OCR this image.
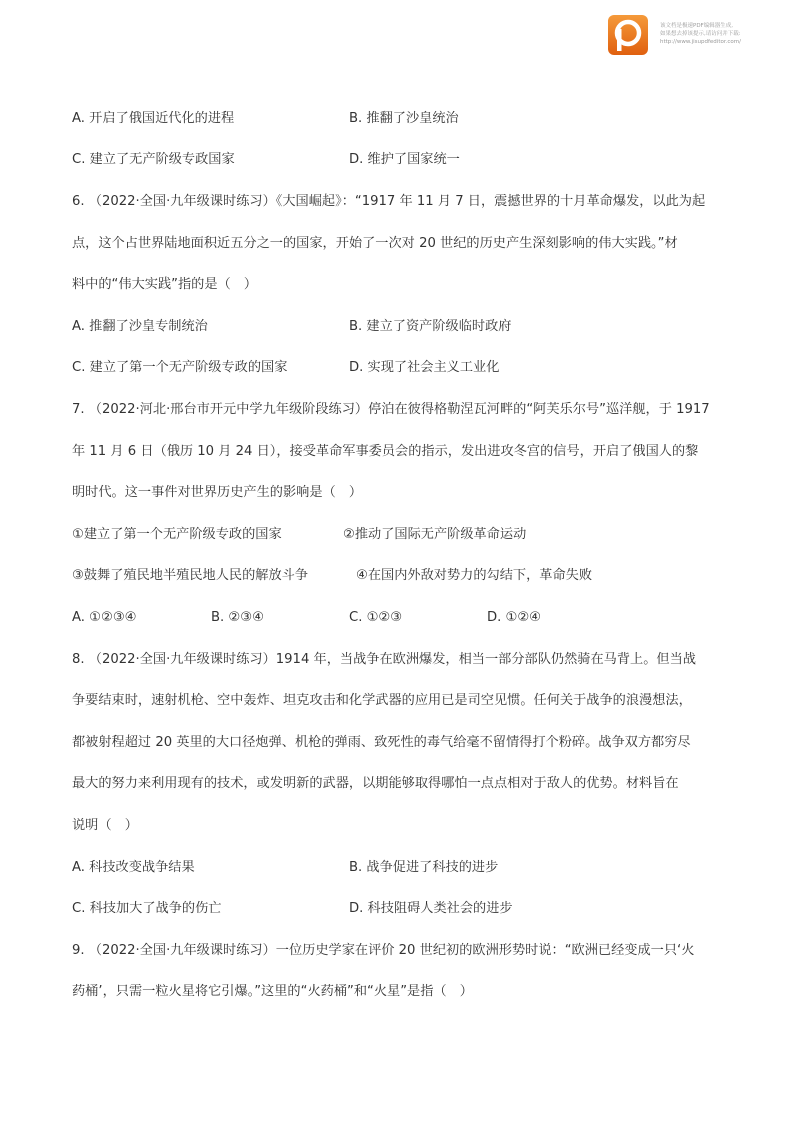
该文档是极速PDF编辑器生成,
如果想去掉该提示,请访问并下载:
http://www.jisupdfeditor.com/
A. 开启了俄国近代化的进程	B. 推翻了沙皇统治
C. 建立了无产阶级专政国家	D. 维护了国家统一
6. （2022·全国·九年级课时练习）《大国崛起》：“1917 年 11 月 7 日，震撼世界的十月革命爆发，以此为起
点，这个占世界陆地面积近五分之一的国家，开始了一次对 20 世纪的历史产生深刻影响的伟大实践。”材
料中的“伟大实践”指的是（　）
A. 推翻了沙皇专制统治	B. 建立了资产阶级临时政府
C. 建立了第一个无产阶级专政的国家	D. 实现了社会主义工业化
7. （2022·河北·邢台市开元中学九年级阶段练习）停泊在彼得格勒涅瓦河畔的“阿芙乐尔号”巡洋舰，于 1917
年 11 月 6 日（俄历 10 月 24 日），接受革命军事委员会的指示，发出进攻冬宫的信号，开启了俄国人的黎
明时代。这一事件对世界历史产生的影响是（　）
①建立了第一个无产阶级专政的国家	②推动了国际无产阶级革命运动
③鼓舞了殖民地半殖民地人民的解放斗争	④在国内外敌对势力的勾结下，革命失败
A. ①②③④	B. ②③④	C. ①②③	D. ①②④
8. （2022·全国·九年级课时练习）1914 年，当战争在欧洲爆发，相当一部分部队仍然骑在马背上。但当战
争要结束时，速射机枪、空中轰炸、坦克攻击和化学武器的应用已是司空见惯。任何关于战争的浪漫想法，
都被射程超过 20 英里的大口径炮弹、机枪的弹雨、致死性的毒气给毫不留情得打个粉碎。战争双方都穷尽
最大的努力来利用现有的技术，或发明新的武器，以期能够取得哪怕一点点相对于敌人的优势。材料旨在
说明（　）
A. 科技改变战争结果	B. 战争促进了科技的进步
C. 科技加大了战争的伤亡	D. 科技阻碍人类社会的进步
9. （2022·全国·九年级课时练习）一位历史学家在评价 20 世纪初的欧洲形势时说：“欧洲已经变成一只‘火
药桶’，只需一粒火星将它引爆。”这里的“火药桶”和“火星”是指（　）
